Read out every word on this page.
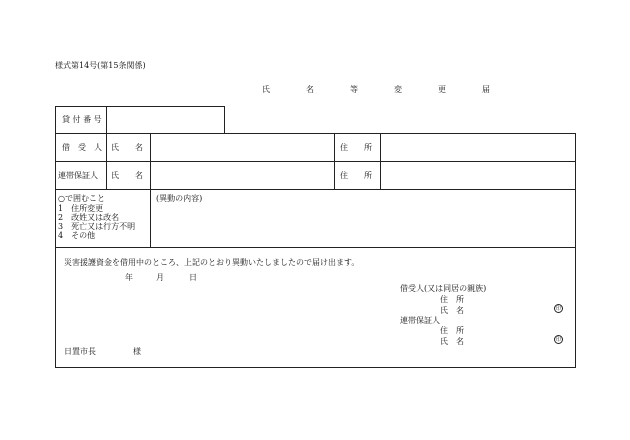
様式第14号(第15条関係)
氏　名　等　変　更　届
貸 付 番 号
借　受　人 氏　　名	住　　所
連帯保証人 氏　　名	住　　所
○で囲むこと
1　住所変更
2　改姓又は改名
3　死亡又は行方不明
4　その他
(異動の内容)
災害援護資金を借用中のところ、上記のとおり異動いたしましたので届け出ます。
年	月	日
借受人(又は同居の親族)
住　所
氏　名	印
連帯保証人
住　所
氏　名	印
日置市長	様
